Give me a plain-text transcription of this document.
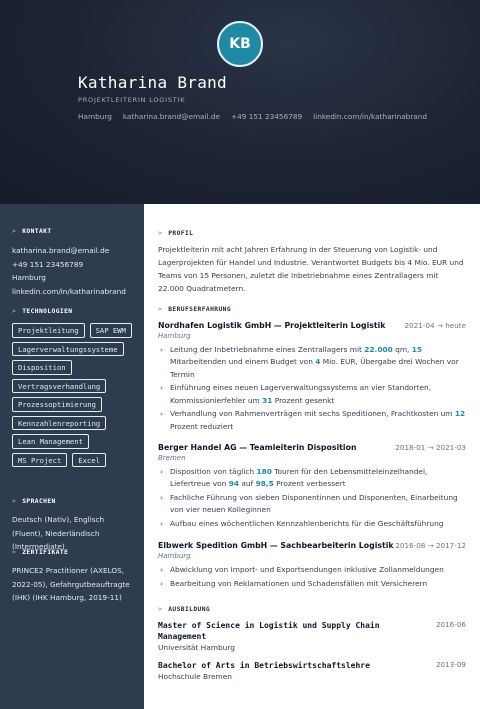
KB
Katharina Brand
PROJEKTLEITERIN LOGISTIK
Hamburg katharina.brand@email.de +49 151 23456789 linkedin.com/in/katharinabrand
> KONTAKT
katharina.brand@email.de
+49 151 23456789
Hamburg
linkedin.com/in/katharinabrand
> TECHNOLOGIEN
Projektleitung	SAP EWM
Lagerverwaltungssysteme
Disposition
Vertragsverhandlung
Prozessoptimierung
Kennzahlenreporting
Lean Management
MS Project	Excel
> SPRACHEN
Deutsch (Nativ), Englisch (Fluent), Niederländisch (Intermediate)
> ZERTIFIKATE
PRINCE2 Practitioner (AXELOS, 2022-05), Gefahrgutbeauftragte (IHK) (IHK Hamburg, 2019-11)
> PROFIL
Projektleiterin mit acht Jahren Erfahrung in der Steuerung von Logistik- und Lagerprojekten für Handel und Industrie. Verantwortet Budgets bis 4 Mio. EUR und Teams von 15 Personen, zuletzt die Inbetriebnahme eines Zentrallagers mit 22.000 Quadratmetern.
> BERUFSERFAHRUNG
Nordhafen Logistik GmbH — Projektleiterin Logistik	2021-04 → heute
Hamburg
› Leitung der Inbetriebnahme eines Zentrallagers mit 22.000 qm, 15 Mitarbeitenden und einem Budget von 4 Mio. EUR, Übergabe drei Wochen vor Termin
› Einführung eines neuen Lagerverwaltungssystems an vier Standorten, Kommissionierfehler um 31 Prozent gesenkt
› Verhandlung von Rahmenverträgen mit sechs Speditionen, Frachtkosten um 12 Prozent reduziert
Berger Handel AG — Teamleiterin Disposition	2018-01 → 2021-03
Bremen
› Disposition von täglich 180 Touren für den Lebensmitteleinzelhandel, Liefertreue von 94 auf 98,5 Prozent verbessert
› Fachliche Führung von sieben Disponentinnen und Disponenten, Einarbeitung von vier neuen Kolleginnen
› Aufbau eines wöchentlichen Kennzahlenberichts für die Geschäftsführung
Elbwerk Spedition GmbH — Sachbearbeiterin Logistik 2016-08 → 2017-12
Hamburg
› Abwicklung von Import- und Exportsendungen inklusive Zollanmeldungen
› Bearbeitung von Reklamationen und Schadensfällen mit Versicherern
> AUSBILDUNG
Master of Science in Logistik und Supply Chain Management
2016-06
Universität Hamburg
Bachelor of Arts in Betriebswirtschaftslehre	2013-09
Hochschule Bremen
